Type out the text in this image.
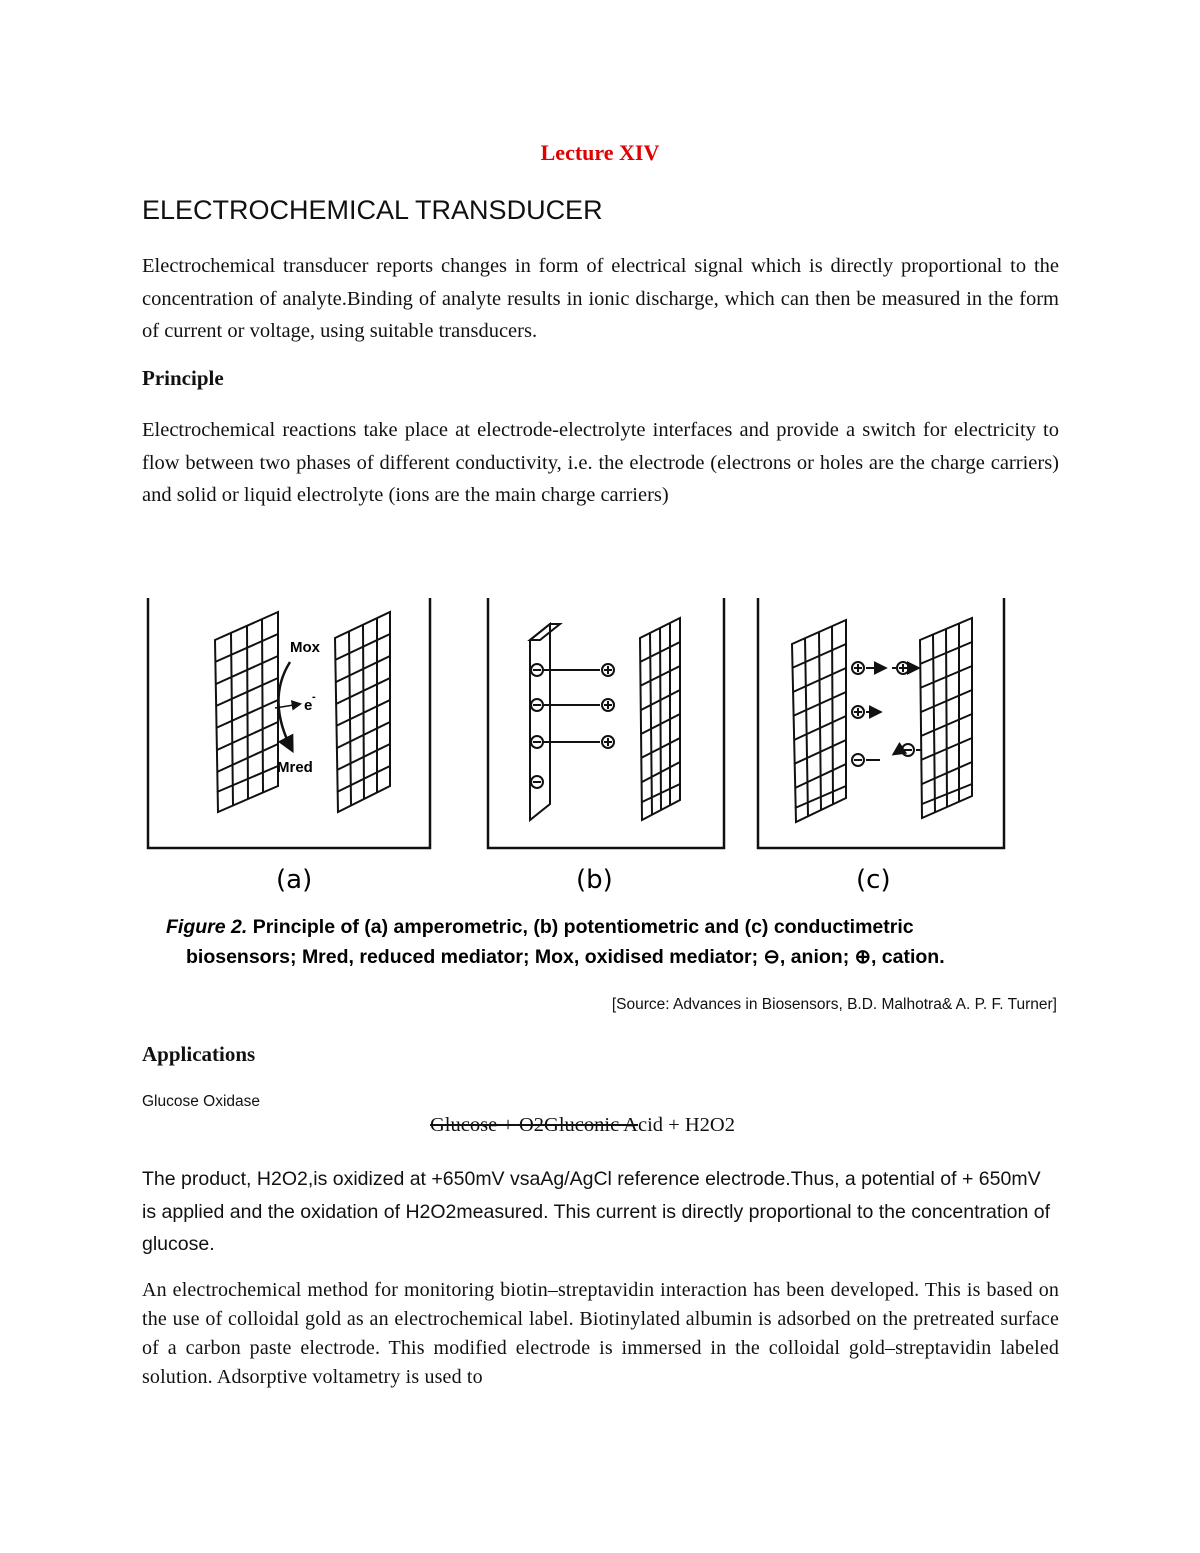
Lecture XIV
ELECTROCHEMICAL TRANSDUCER

Electrochemical transducer reports changes in form of electrical signal which is directly proportional to the concentration of analyte.Binding of analyte results in ionic discharge, which can then be measured in the form of current or voltage, using suitable transducers.

Principle

Electrochemical reactions take place at electrode-electrolyte interfaces and provide a switch for electricity to flow between two phases of different conductivity, i.e. the electrode (electrons or holes are the charge carriers) and solid or liquid electrolyte (ions are the main charge carriers)

Mox
e -
Mred
(a)	(b)	(c)
Figure 2. Principle of (a) amperometric, (b) potentiometric and (c) conductimetric
biosensors; Mred, reduced mediator; Mox, oxidised mediator; ⊖, anion; ⊕, cation.
[Source: Advances in Biosensors, B.D. Malhotra& A. P. F. Turner]
Applications
Glucose Oxidase
Glucose + O2Gluconic Acid + H2O2

The product, H2O2,is oxidized at +650mV vsaAg/AgCl reference electrode.Thus, a potential of + 650mV is applied and the oxidation of H2O2measured. This current is directly proportional to the concentration of glucose.

An electrochemical method for monitoring biotin–streptavidin interaction has been developed. This is based on the use of colloidal gold as an electrochemical label. Biotinylated albumin is adsorbed on the pretreated surface of a carbon paste electrode. This modified electrode is immersed in the colloidal gold–streptavidin labeled solution. Adsorptive voltametry is used to
